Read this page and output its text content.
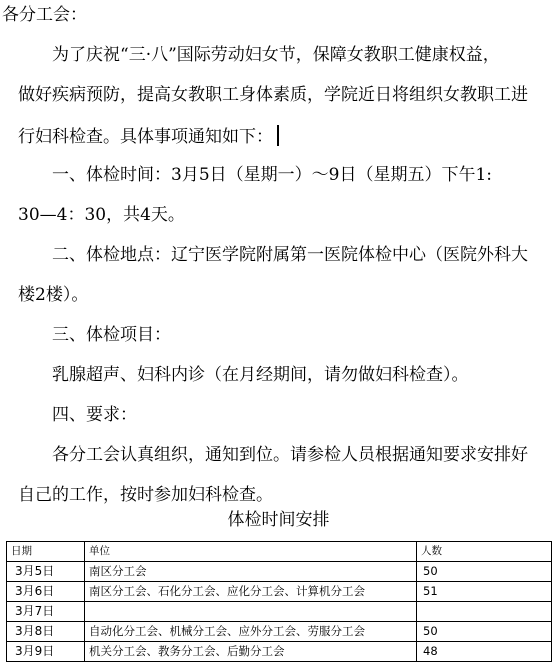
各分工会：
为了庆祝“三·八”国际劳动妇女节，保障女教职工健康权益，
做好疾病预防，提高女教职工身体素质，学院近日将组织女教职工进
行妇科检查。具体事项通知如下：
一、体检时间：3月5日（星期一）～9日（星期五）下午1:
30—4：30，共4天。
二、体检地点：辽宁医学院附属第一医院体检中心（医院外科大
楼2楼）。
三、体检项目：
乳腺超声、妇科内诊（在月经期间，请勿做妇科检查）。
四、要求：
各分工会认真组织，通知到位。请参检人员根据通知要求安排好
自己的工作，按时参加妇科检查。
体检时间安排
日期	单位	人数
3月5日	南区分工会	50
3月6日	南区分工会、石化分工会、应化分工会、计算机分工会	51
3月7日		
3月8日	自动化分工会、机械分工会、应外分工会、劳服分工会	50
3月9日	机关分工会、教务分工会、后勤分工会	48
